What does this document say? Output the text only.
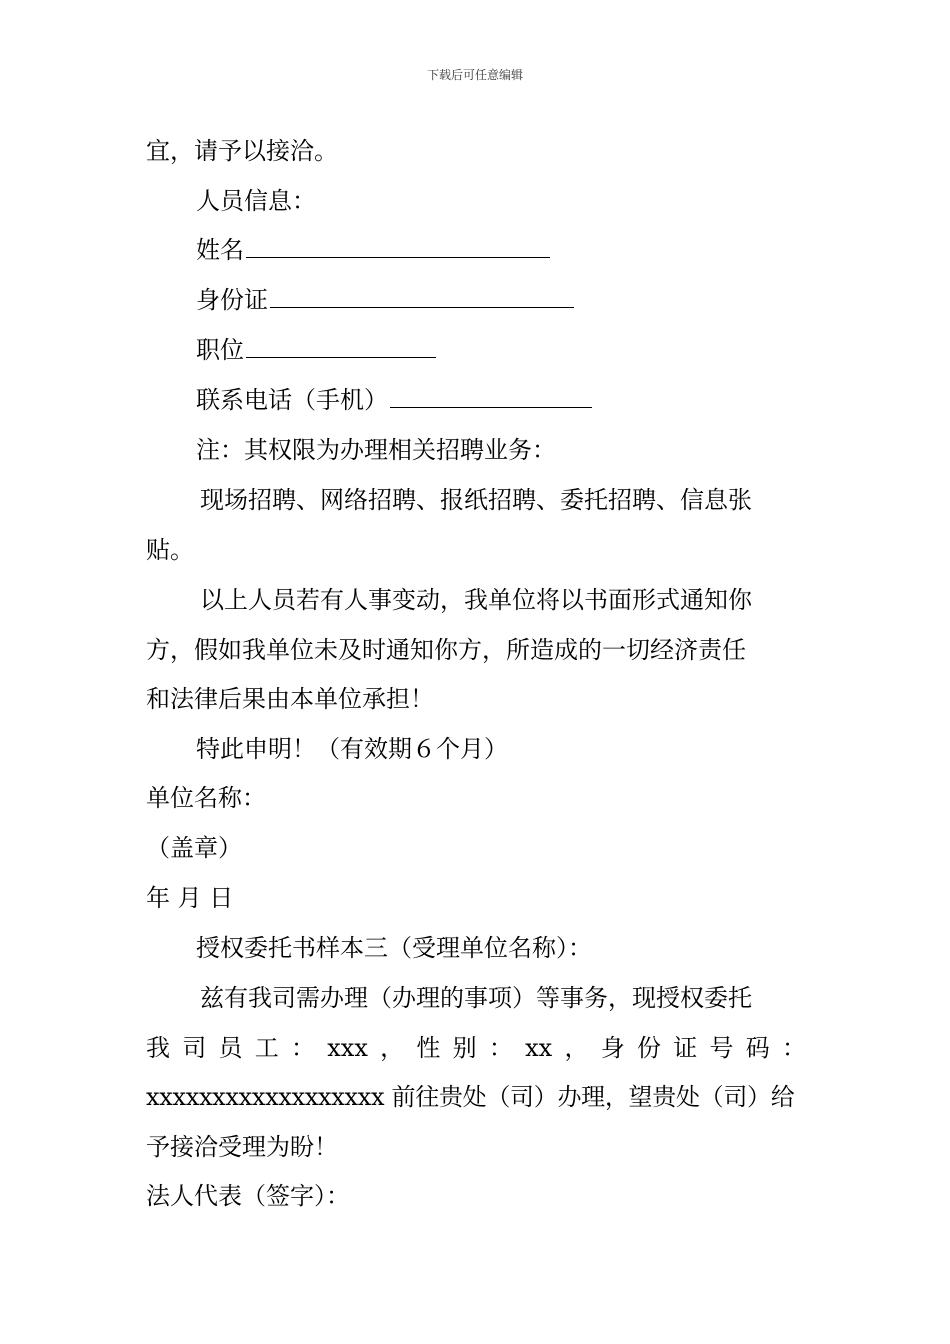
下载后可任意编辑
宜，请予以接洽。
人员信息：
姓名
身份证
职位
联系电话（手机）
注：其权限为办理相关招聘业务：
现场招聘、网络招聘、报纸招聘、委托招聘、信息张
贴。
以上人员若有人事变动，我单位将以书面形式通知你
方，假如我单位未及时通知你方，所造成的一切经济责任
和法律后果由本单位承担！
特此申明！（有效期６个月）
单位名称：
（盖章）
年 月 日
授权委托书样本三（受理单位名称）：
兹有我司需办理（办理的事项）等事务，现授权委托
我 司 员 工 ： xxx ， 性 别 ： xx ， 身 份 证 号 码 ：
xxxxxxxxxxxxxxxxxx 前往贵处（司）办理，望贵处（司）给
予接洽受理为盼！
法人代表（签字）：
